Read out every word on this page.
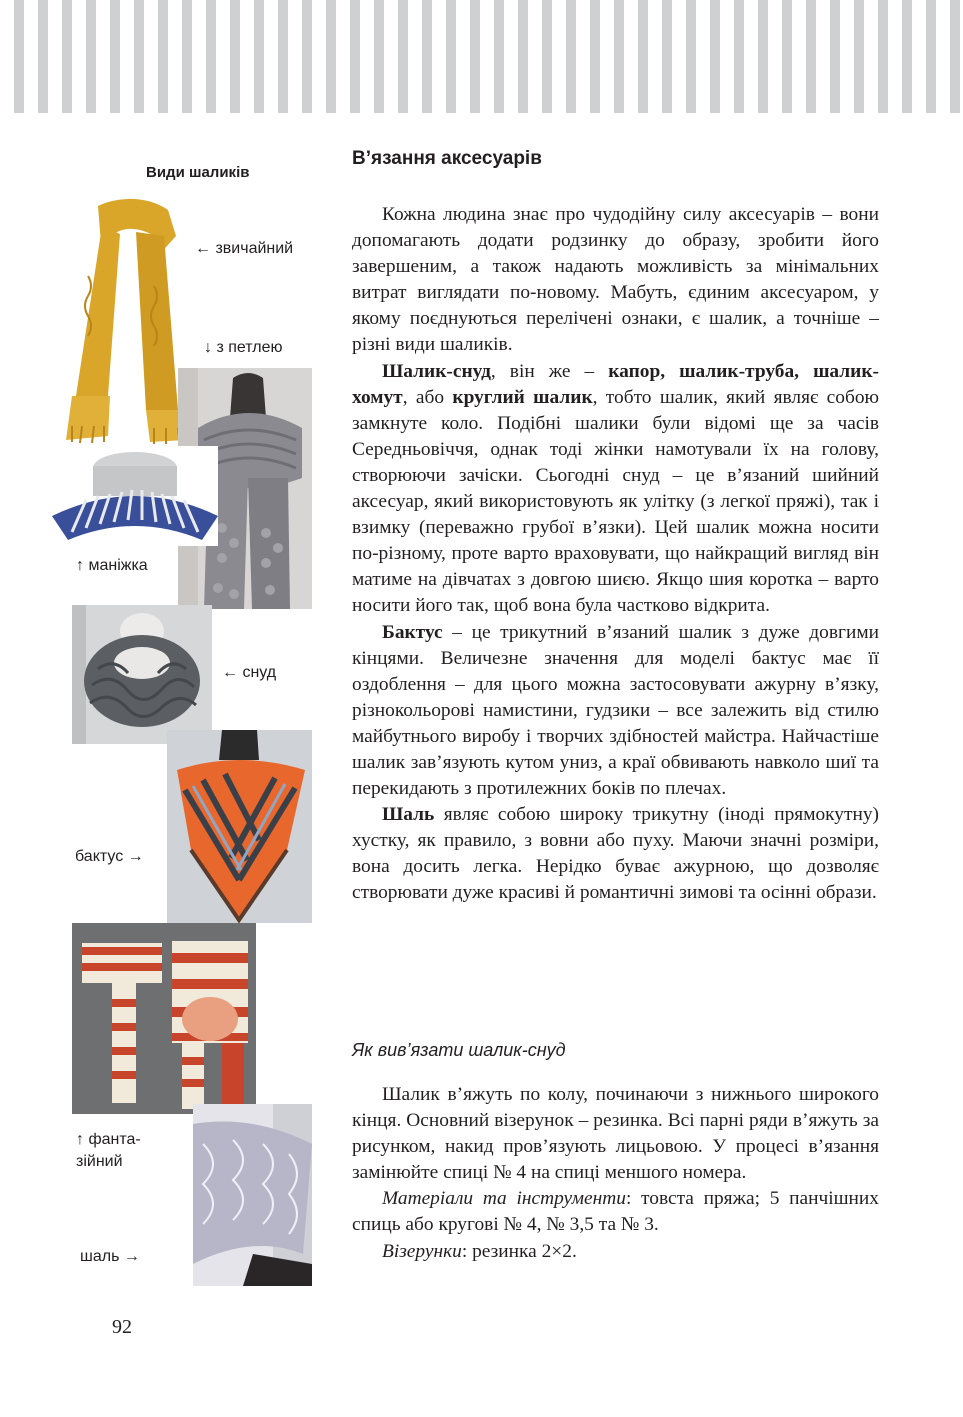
Види шаликів
← звичайний
↓ з петлею
↑ маніжка
← снуд
бактус →
↑ фанта-
зійний
шаль →
В’язання аксесуарів

Кожна людина знає про чудодійну силу аксесуарів – вони допомагають додати родзинку до образу, зробити його завершеним, а також надають можливість за мінімальних витрат виглядати по-новому. Мабуть, єдиним аксесуаром, у якому поєднуються перелічені ознаки, є шалик, а точніше – різні види шаликів.

Шалик-снуд, він же – капор, шалик-труба, шалик-хомут, або круглий шалик, тобто шалик, який являє собою замкнуте коло. Подібні шалики були відомі ще за часів Середньовіччя, однак тоді жінки намотували їх на голову, створюючи зачіски. Сьогодні снуд – це в’язаний шийний аксесуар, який використовують як улітку (з легкої пряжі), так і взимку (переважно грубої в’язки). Цей шалик можна носити по-різному, проте варто враховувати, що найкращий вигляд він матиме на дівчатах з довгою шиєю. Якщо шия коротка – варто носити його так, щоб вона була частково відкрита.

Бактус – це трикутний в’язаний шалик з дуже довгими кінцями. Величезне значення для моделі бактус має її оздоблення – для цього можна застосовувати ажурну в’язку, різнокольорові намистини, гудзики – все залежить від стилю майбутнього виробу і творчих здібностей майстра. Найчастіше шалик зав’язують кутом униз, а краї обвивають навколо шиї та перекидають з протилежних боків по плечах.

Шаль являє собою широку трикутну (іноді прямокутну) хустку, як правило, з вовни або пуху. Маючи значні розміри, вона досить легка. Нерідко буває ажурною, що дозволяє створювати дуже красиві й романтичні зимові та осінні образи.

Як вив’язати шалик-снуд

Шалик в’яжуть по колу, починаючи з нижнього широкого кінця. Основний візерунок – резинка. Всі парні ряди в’яжуть за рисунком, накид пров’язують лицьовою. У процесі в’язання замінюйте спиці № 4 на спиці меншого номера.

Матеріали та інструменти: товста пряжа; 5 панчішних спиць або кругові № 4, № 3,5 та № 3.

Візерунки: резинка 2×2.

92
